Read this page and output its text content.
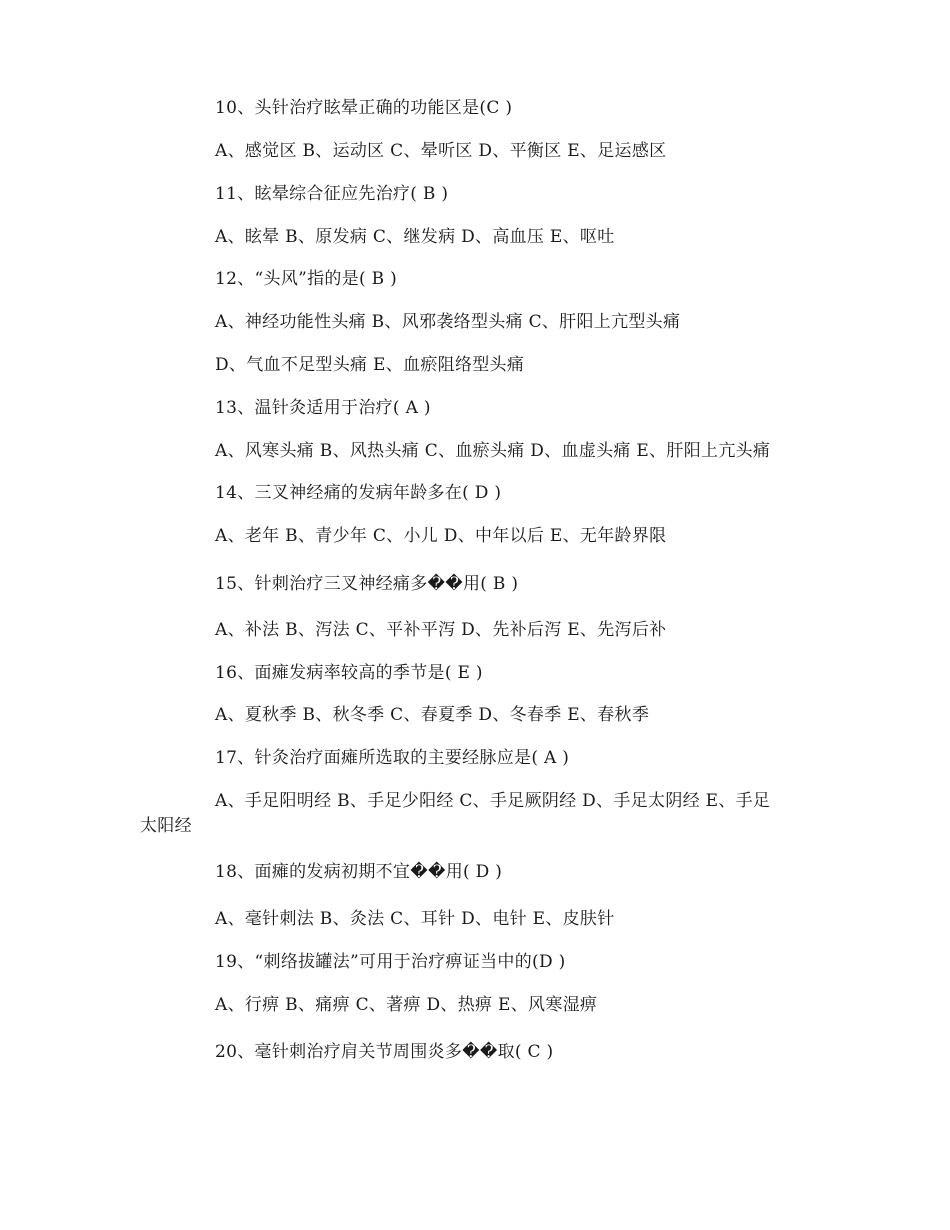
10、头针治疗眩晕正确的功能区是(C )
A、感觉区 B、运动区 C、晕听区 D、平衡区 E、足运感区
11、眩晕综合征应先治疗( B )
A、眩晕 B、原发病 C、继发病 D、高血压 E、呕吐
12、“头风”指的是( B )
A、神经功能性头痛 B、风邪袭络型头痛 C、肝阳上亢型头痛
D、气血不足型头痛 E、血瘀阻络型头痛
13、温针灸适用于治疗( A )
A、风寒头痛 B、风热头痛 C、血瘀头痛 D、血虚头痛 E、肝阳上亢头痛
14、三叉神经痛的发病年龄多在( D )
A、老年 B、青少年 C、小儿 D、中年以后 E、无年龄界限
15、针刺治疗三叉神经痛多��用( B )
A、补法 B、泻法 C、平补平泻 D、先补后泻 E、先泻后补
16、面瘫发病率较高的季节是( E )
A、夏秋季 B、秋冬季 C、春夏季 D、冬春季 E、春秋季
17、针灸治疗面瘫所选取的主要经脉应是( A )
A、手足阳明经 B、手足少阳经 C、手足厥阴经 D、手足太阴经 E、手足
太阳经
18、面瘫的发病初期不宜��用( D )
A、毫针刺法 B、灸法 C、耳针 D、电针 E、皮肤针
19、“刺络拔罐法”可用于治疗痹证当中的(D )
A、行痹 B、痛痹 C、著痹 D、热痹 E、风寒湿痹
20、毫针刺治疗肩关节周围炎多��取( C )
